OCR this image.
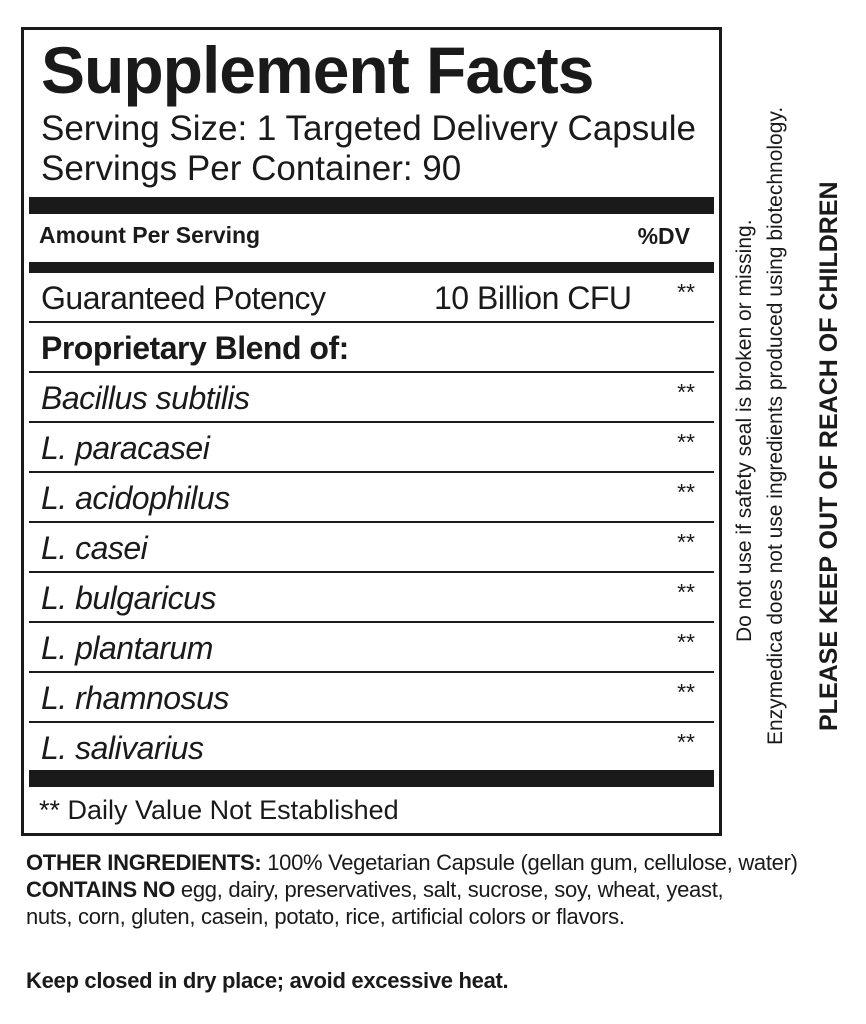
Supplement Facts
Serving Size: 1 Targeted Delivery Capsule
Servings Per Container: 90
Amount Per Serving	%DV
Guaranteed Potency	10 Billion CFU **
Proprietary Blend of:
Bacillus subtilis	**
L. paracasei	**
L. acidophilus	**
L. casei	**
L. bulgaricus	**
L. plantarum	**
L. rhamnosus	**
L. salivarius	**
** Daily Value Not Established
Do not use if safety seal is broken or missing. Enzymedica does not use ingredients produced using biotechnology. PLEASE KEEP OUT OF REACH OF CHILDREN
OTHER INGREDIENTS: 100% Vegetarian Capsule (gellan gum, cellulose, water)
CONTAINS NO egg, dairy, preservatives, salt, sucrose, soy, wheat, yeast,
nuts, corn, gluten, casein, potato, rice, artificial colors or flavors.
Keep closed in dry place; avoid excessive heat.
